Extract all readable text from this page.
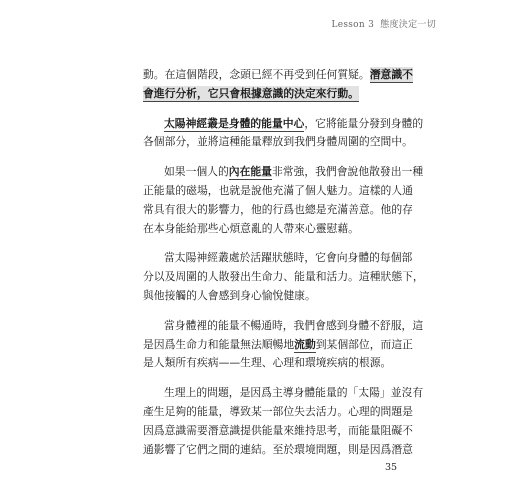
Lesson 3 態度決定一切
動。在這個階段，念頭已經不再受到任何質疑。潛意識不
會進行分析，它只會根據意識的決定來行動。
太陽神經叢是身體的能量中心，它將能量分發到身體的
各個部分，並將這種能量釋放到我們身體周圍的空間中。
如果一個人的內在能量非常強，我們會說他散發出一種
正能量的磁場，也就是說他充滿了個人魅力。這樣的人通
常具有很大的影響力，他的行爲也總是充滿善意。他的存
在本身能給那些心煩意亂的人帶來心靈慰藉。
當太陽神經叢處於活躍狀態時，它會向身體的每個部
分以及周圍的人散發出生命力、能量和活力。這種狀態下，
與他接觸的人會感到身心愉悅健康。
當身體裡的能量不暢通時，我們會感到身體不舒服，這
是因爲生命力和能量無法順暢地流動到某個部位，而這正
是人類所有疾病——生理、心理和環境疾病的根源。
生理上的問題，是因爲主導身體能量的「太陽」並沒有
產生足夠的能量，導致某一部位失去活力。心理的問題是
因爲意識需要潛意識提供能量來維持思考，而能量阻礙不
通影響了它們之間的連結。至於環境問題，則是因爲潛意
35
